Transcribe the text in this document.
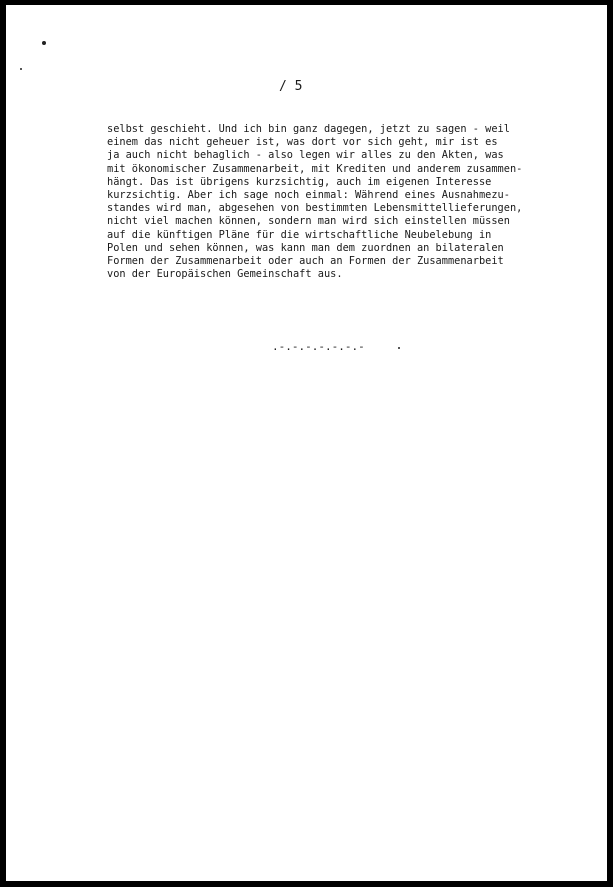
/ 5

selbst geschieht. Und ich bin ganz dagegen, jetzt zu sagen - weil
einem das nicht geheuer ist, was dort vor sich geht, mir ist es
ja auch nicht behaglich - also legen wir alles zu den Akten, was
mit ökonomischer Zusammenarbeit, mit Krediten und anderem zusammen-
hängt. Das ist übrigens kurzsichtig, auch im eigenen Interesse
kurzsichtig. Aber ich sage noch einmal: Während eines Ausnahmezu-
standes wird man, abgesehen von bestimmten Lebensmittellieferungen,
nicht viel machen können, sondern man wird sich einstellen müssen
auf die künftigen Pläne für die wirtschaftliche Neubelebung in
Polen und sehen können, was kann man dem zuordnen an bilateralen
Formen der Zusammenarbeit oder auch an Formen der Zusammenarbeit
von der Europäischen Gemeinschaft aus.

.-.-.-.-.-.-.-
